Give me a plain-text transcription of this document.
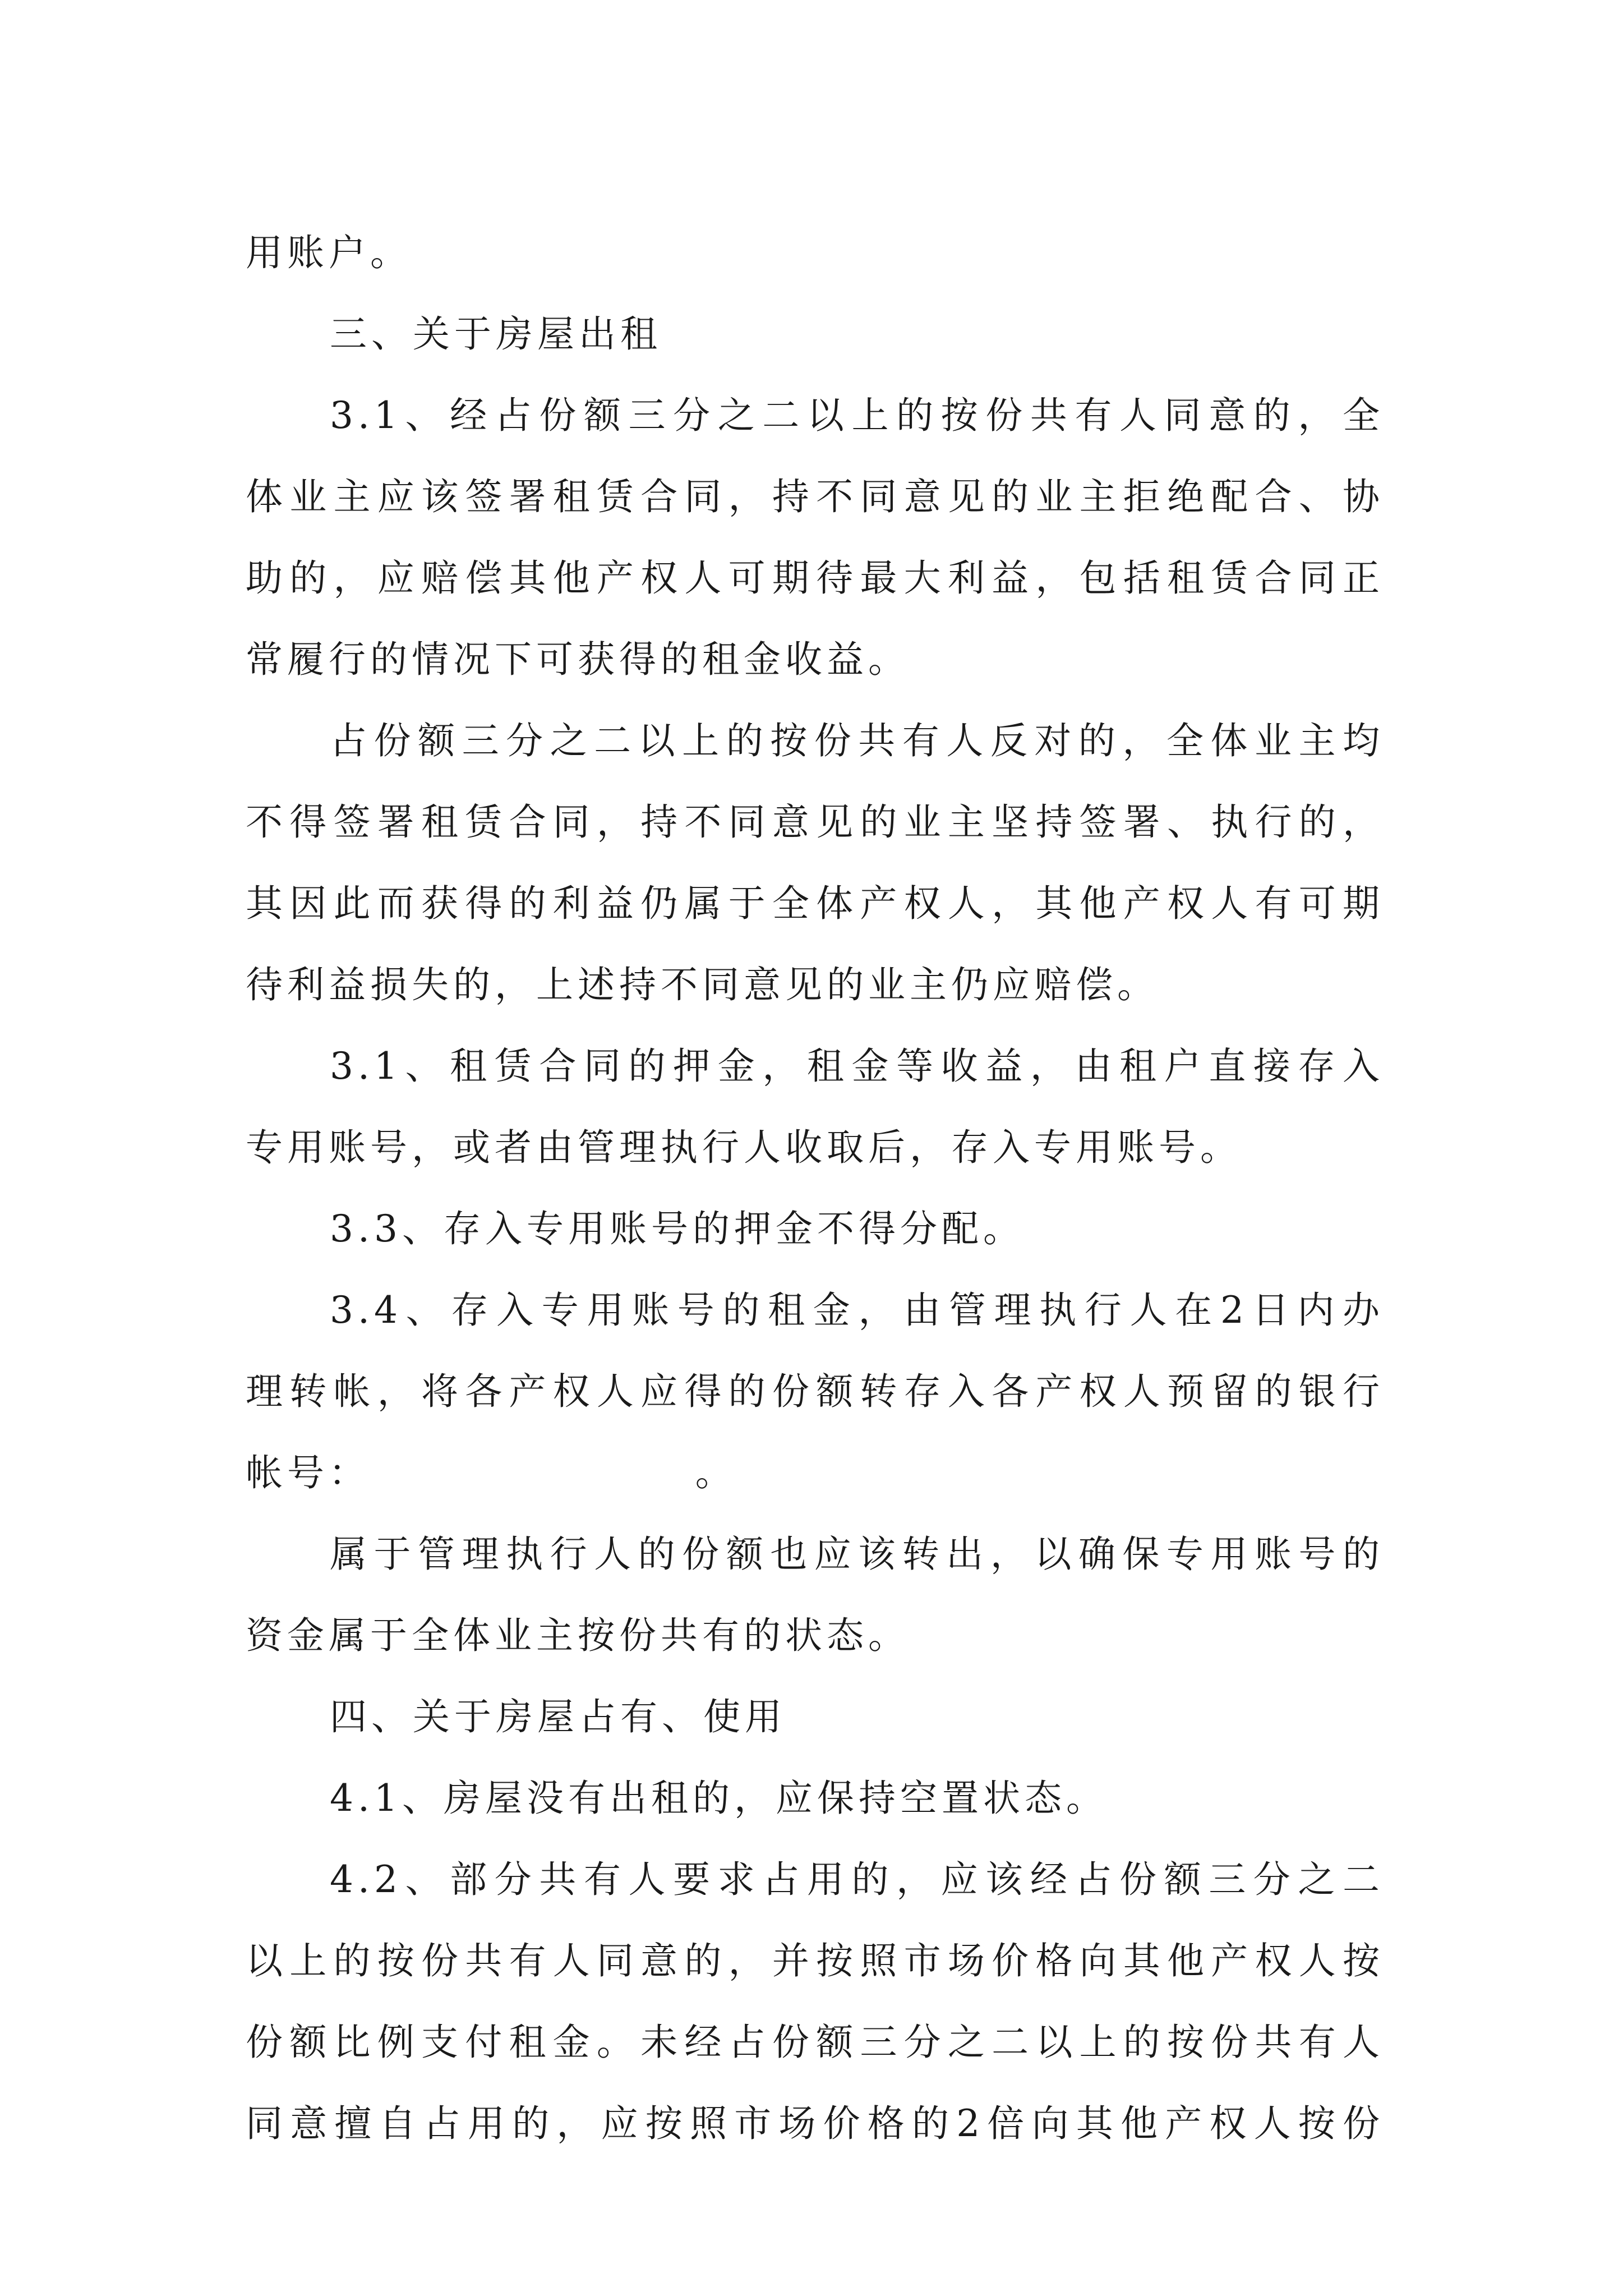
用账户。
三、关于房屋出租
3.1、经占份额三分之二以上的按份共有人同意的，全
体业主应该签署租赁合同，持不同意见的业主拒绝配合、协
助的，应赔偿其他产权人可期待最大利益，包括租赁合同正
常履行的情况下可获得的租金收益。
占份额三分之二以上的按份共有人反对的，全体业主均
不得签署租赁合同，持不同意见的业主坚持签署、执行的，
其因此而获得的利益仍属于全体产权人，其他产权人有可期
待利益损失的，上述持不同意见的业主仍应赔偿。
3.1、租赁合同的押金，租金等收益，由租户直接存入
专用账号，或者由管理执行人收取后，存入专用账号。
3.3、存入专用账号的押金不得分配。
3.4、存入专用账号的租金，由管理执行人在2日内办
理转帐，将各产权人应得的份额转存入各产权人预留的银行
帐号：                    。
属于管理执行人的份额也应该转出，以确保专用账号的
资金属于全体业主按份共有的状态。
四、关于房屋占有、使用
4.1、房屋没有出租的，应保持空置状态。
4.2、部分共有人要求占用的，应该经占份额三分之二
以上的按份共有人同意的，并按照市场价格向其他产权人按
份额比例支付租金。未经占份额三分之二以上的按份共有人
同意擅自占用的，应按照市场价格的2倍向其他产权人按份
